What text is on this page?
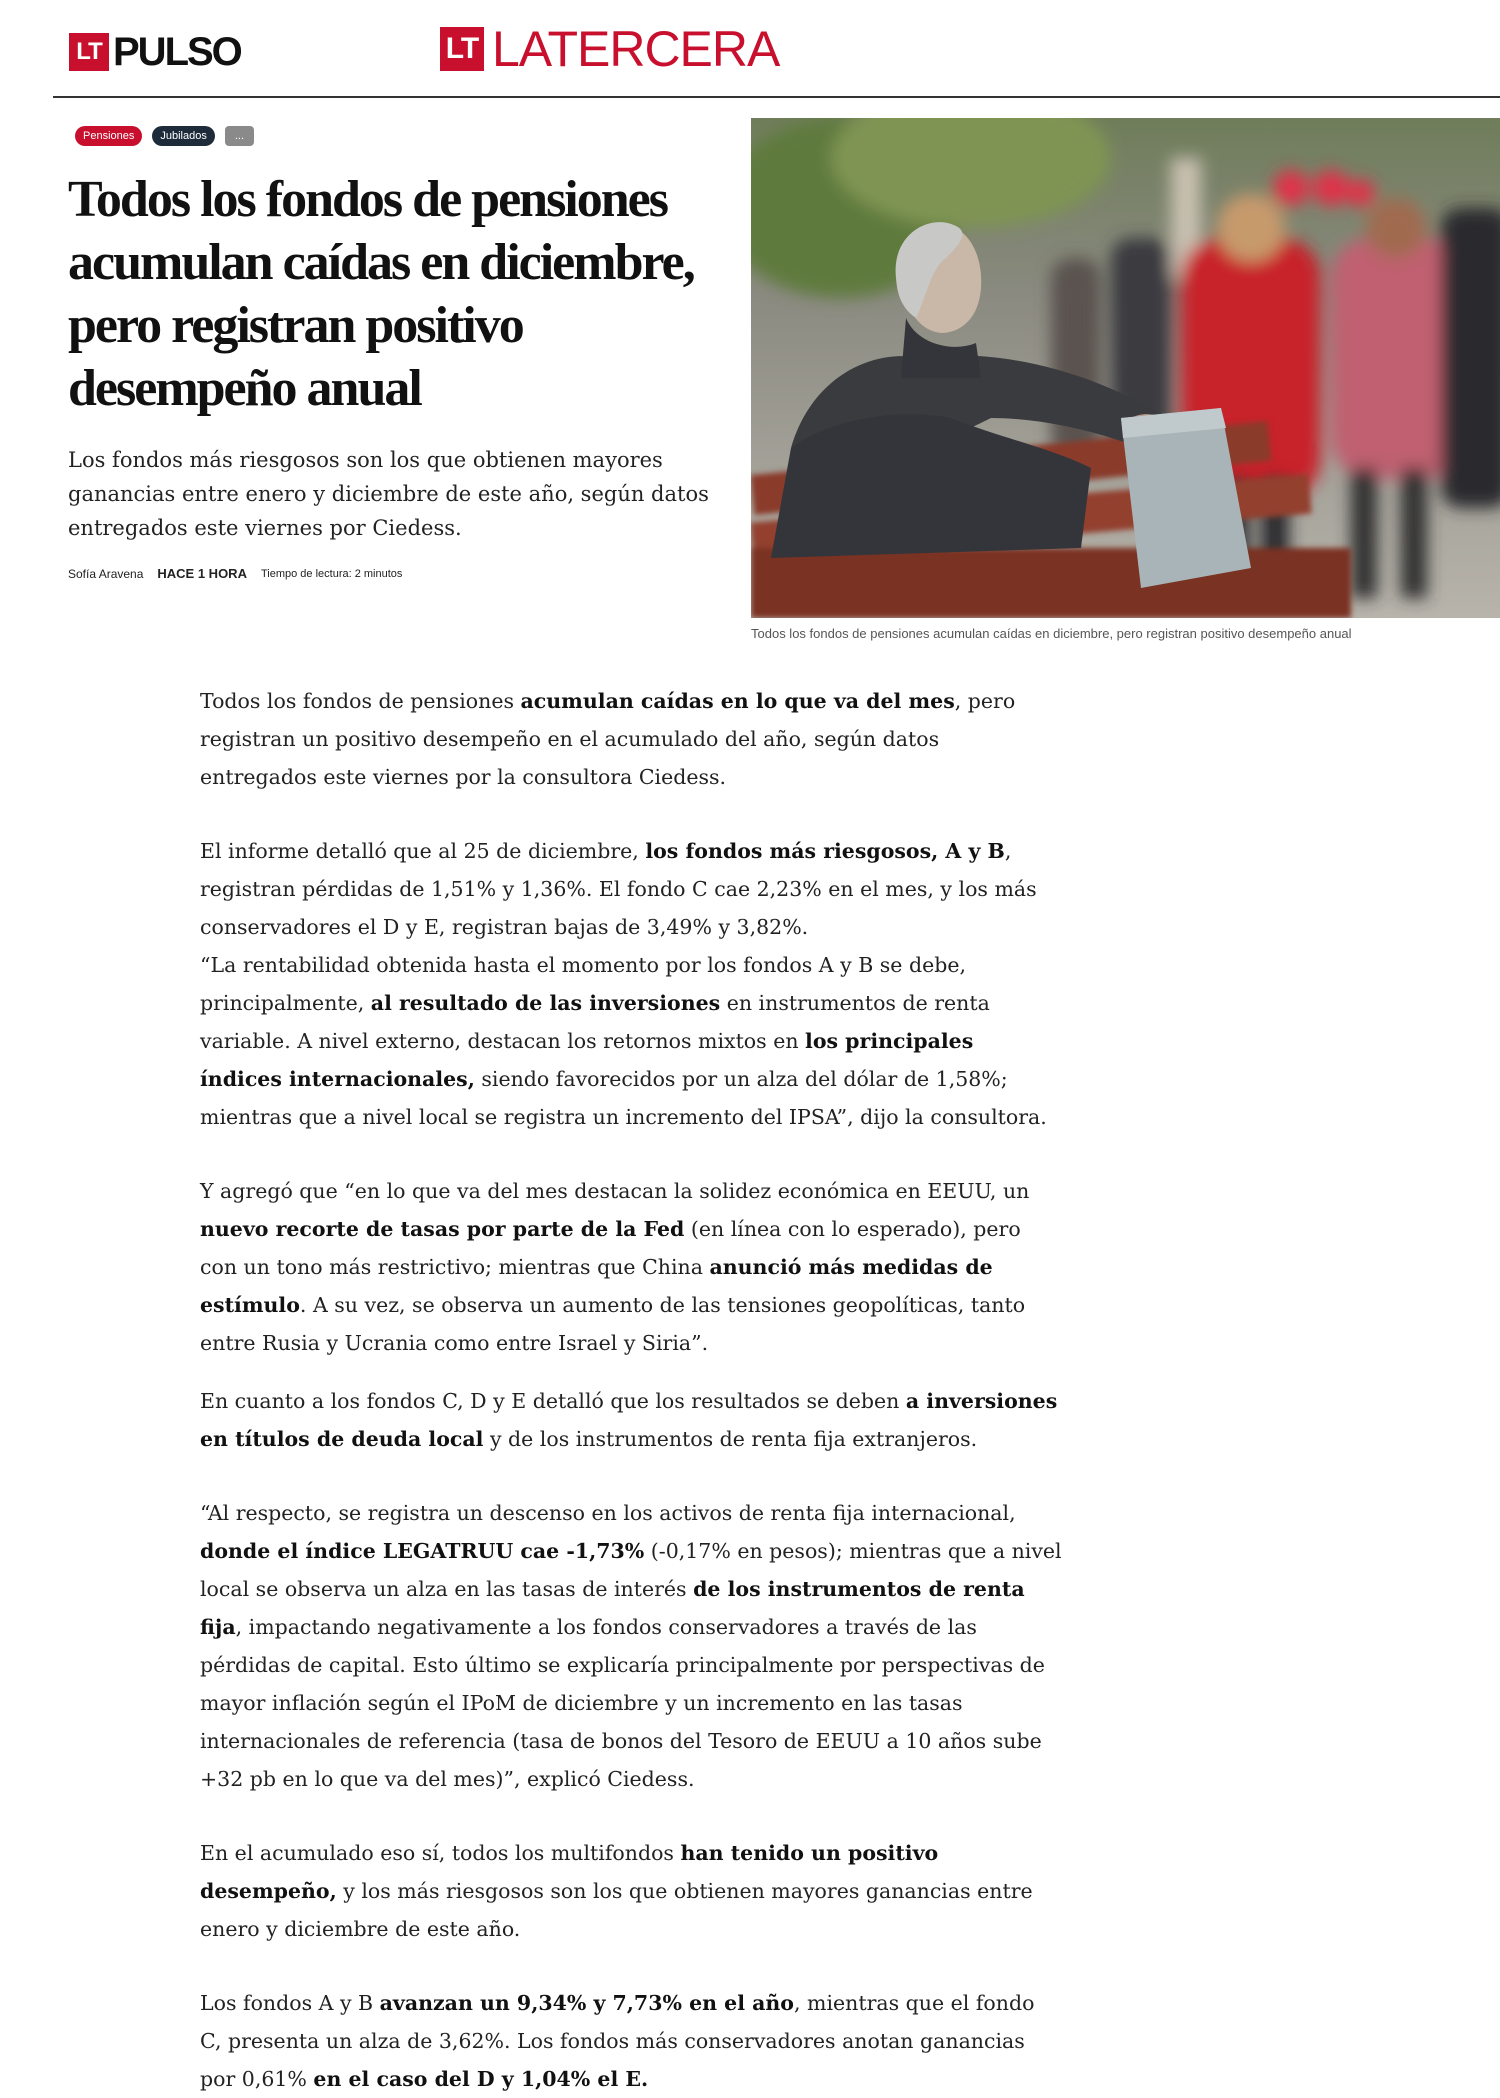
LT PULSO	LT LATERCERA
Pensiones	Jubilados	...
Todos los fondos de pensiones acumulan caídas en diciembre, pero registran positivo desempeño anual

Los fondos más riesgosos son los que obtienen mayores ganancias entre enero y diciembre de este año, según datos entregados este viernes por Ciedess.

Sofía Aravena HACE 1 HORA Tiempo de lectura: 2 minutos
Todos los fondos de pensiones acumulan caídas en diciembre, pero registran positivo desempeño anual

Todos los fondos de pensiones acumulan caídas en lo que va del mes, pero registran un positivo desempeño en el acumulado del año, según datos entregados este viernes por la consultora Ciedess.

El informe detalló que al 25 de diciembre, los fondos más riesgosos, A y B, registran pérdidas de 1,51% y 1,36%. El fondo C cae 2,23% en el mes, y los más conservadores el D y E, registran bajas de 3,49% y 3,82%.

“La rentabilidad obtenida hasta el momento por los fondos A y B se debe, principalmente, al resultado de las inversiones en instrumentos de renta variable. A nivel externo, destacan los retornos mixtos en los principales índices internacionales, siendo favorecidos por un alza del dólar de 1,58%; mientras que a nivel local se registra un incremento del IPSA”, dijo la consultora.

Y agregó que “en lo que va del mes destacan la solidez económica en EEUU, un nuevo recorte de tasas por parte de la Fed (en línea con lo esperado), pero con un tono más restrictivo; mientras que China anunció más medidas de estímulo. A su vez, se observa un aumento de las tensiones geopolíticas, tanto entre Rusia y Ucrania como entre Israel y Siria”.

En cuanto a los fondos C, D y E detalló que los resultados se deben a inversiones en títulos de deuda local y de los instrumentos de renta fija extranjeros.

“Al respecto, se registra un descenso en los activos de renta fija internacional, donde el índice LEGATRUU cae -1,73% (-0,17% en pesos); mientras que a nivel local se observa un alza en las tasas de interés de los instrumentos de renta fija, impactando negativamente a los fondos conservadores a través de las pérdidas de capital. Esto último se explicaría principalmente por perspectivas de mayor inflación según el IPoM de diciembre y un incremento en las tasas internacionales de referencia (tasa de bonos del Tesoro de EEUU a 10 años sube +32 pb en lo que va del mes)”, explicó Ciedess.

En el acumulado eso sí, todos los multifondos han tenido un positivo desempeño, y los más riesgosos son los que obtienen mayores ganancias entre enero y diciembre de este año.

Los fondos A y B avanzan un 9,34% y 7,73% en el año, mientras que el fondo C, presenta un alza de 3,62%. Los fondos más conservadores anotan ganancias por 0,61% en el caso del D y 1,04% el E.
